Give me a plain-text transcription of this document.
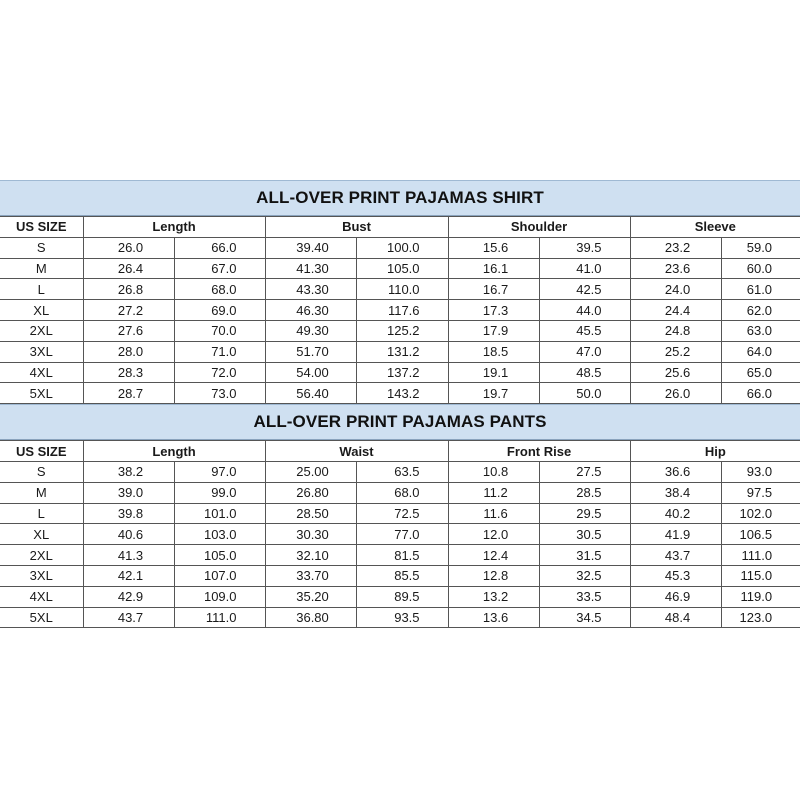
ALL-OVER PRINT PAJAMAS SHIRT
US SIZE	Length		Bust		Shoulder		Sleeve	
S	26.0	66.0	39.40	100.0	15.6	39.5	23.2	59.0
M	26.4	67.0	41.30	105.0	16.1	41.0	23.6	60.0
L	26.8	68.0	43.30	110.0	16.7	42.5	24.0	61.0
XL	27.2	69.0	46.30	117.6	17.3	44.0	24.4	62.0
2XL	27.6	70.0	49.30	125.2	17.9	45.5	24.8	63.0
3XL	28.0	71.0	51.70	131.2	18.5	47.0	25.2	64.0
4XL	28.3	72.0	54.00	137.2	19.1	48.5	25.6	65.0
5XL	28.7	73.0	56.40	143.2	19.7	50.0	26.0	66.0
ALL-OVER PRINT PAJAMAS PANTS
US SIZE	Length		Waist		Front Rise		Hip	
S	38.2	97.0	25.00	63.5	10.8	27.5	36.6	93.0
M	39.0	99.0	26.80	68.0	11.2	28.5	38.4	97.5
L	39.8	101.0	28.50	72.5	11.6	29.5	40.2	102.0
XL	40.6	103.0	30.30	77.0	12.0	30.5	41.9	106.5
2XL	41.3	105.0	32.10	81.5	12.4	31.5	43.7	111.0
3XL	42.1	107.0	33.70	85.5	12.8	32.5	45.3	115.0
4XL	42.9	109.0	35.20	89.5	13.2	33.5	46.9	119.0
5XL	43.7	111.0	36.80	93.5	13.6	34.5	48.4	123.0
